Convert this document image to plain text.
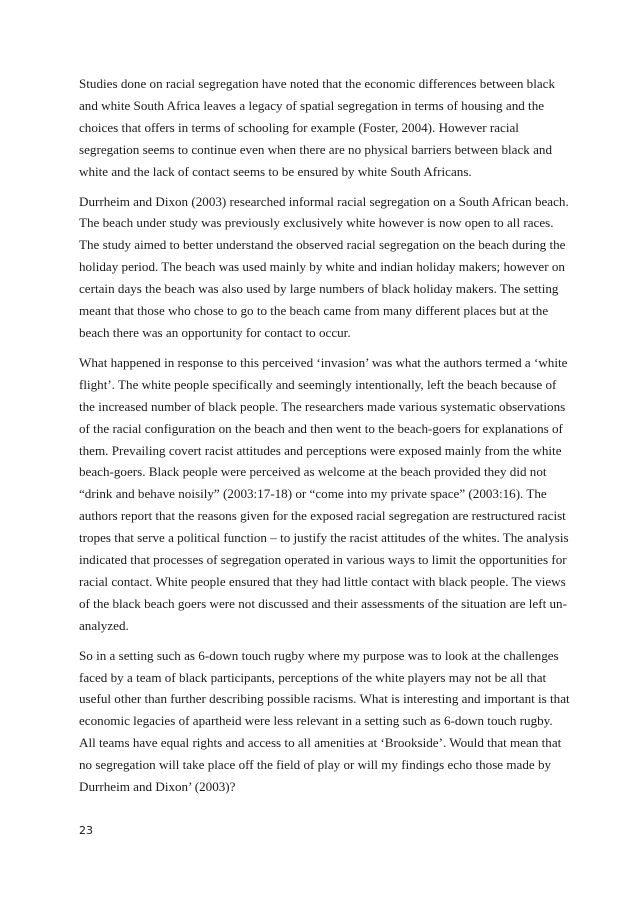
Studies done on racial segregation have noted that the economic differences between black
and white South Africa leaves a legacy of spatial segregation in terms of housing and the
choices that offers in terms of schooling for example (Foster, 2004). However racial
segregation seems to continue even when there are no physical barriers between black and
white and the lack of contact seems to be ensured by white South Africans.

Durrheim and Dixon (2003) researched informal racial segregation on a South African beach.
The beach under study was previously exclusively white however is now open to all races.
The study aimed to better understand the observed racial segregation on the beach during the
holiday period. The beach was used mainly by white and indian holiday makers; however on
certain days the beach was also used by large numbers of black holiday makers. The setting
meant that those who chose to go to the beach came from many different places but at the
beach there was an opportunity for contact to occur.

What happened in response to this perceived ‘invasion’ was what the authors termed a ‘white
flight’. The white people specifically and seemingly intentionally, left the beach because of
the increased number of black people. The researchers made various systematic observations
of the racial configuration on the beach and then went to the beach-goers for explanations of
them. Prevailing covert racist attitudes and perceptions were exposed mainly from the white
beach-goers. Black people were perceived as welcome at the beach provided they did not
“drink and behave noisily” (2003:17-18) or “come into my private space” (2003:16). The
authors report that the reasons given for the exposed racial segregation are restructured racist
tropes that serve a political function – to justify the racist attitudes of the whites. The analysis
indicated that processes of segregation operated in various ways to limit the opportunities for
racial contact. White people ensured that they had little contact with black people. The views
of the black beach goers were not discussed and their assessments of the situation are left un-
analyzed.

So in a setting such as 6-down touch rugby where my purpose was to look at the challenges
faced by a team of black participants, perceptions of the white players may not be all that
useful other than further describing possible racisms. What is interesting and important is that
economic legacies of apartheid were less relevant in a setting such as 6-down touch rugby.
All teams have equal rights and access to all amenities at ‘Brookside’. Would that mean that
no segregation will take place off the field of play or will my findings echo those made by
Durrheim and Dixon’ (2003)?

23
